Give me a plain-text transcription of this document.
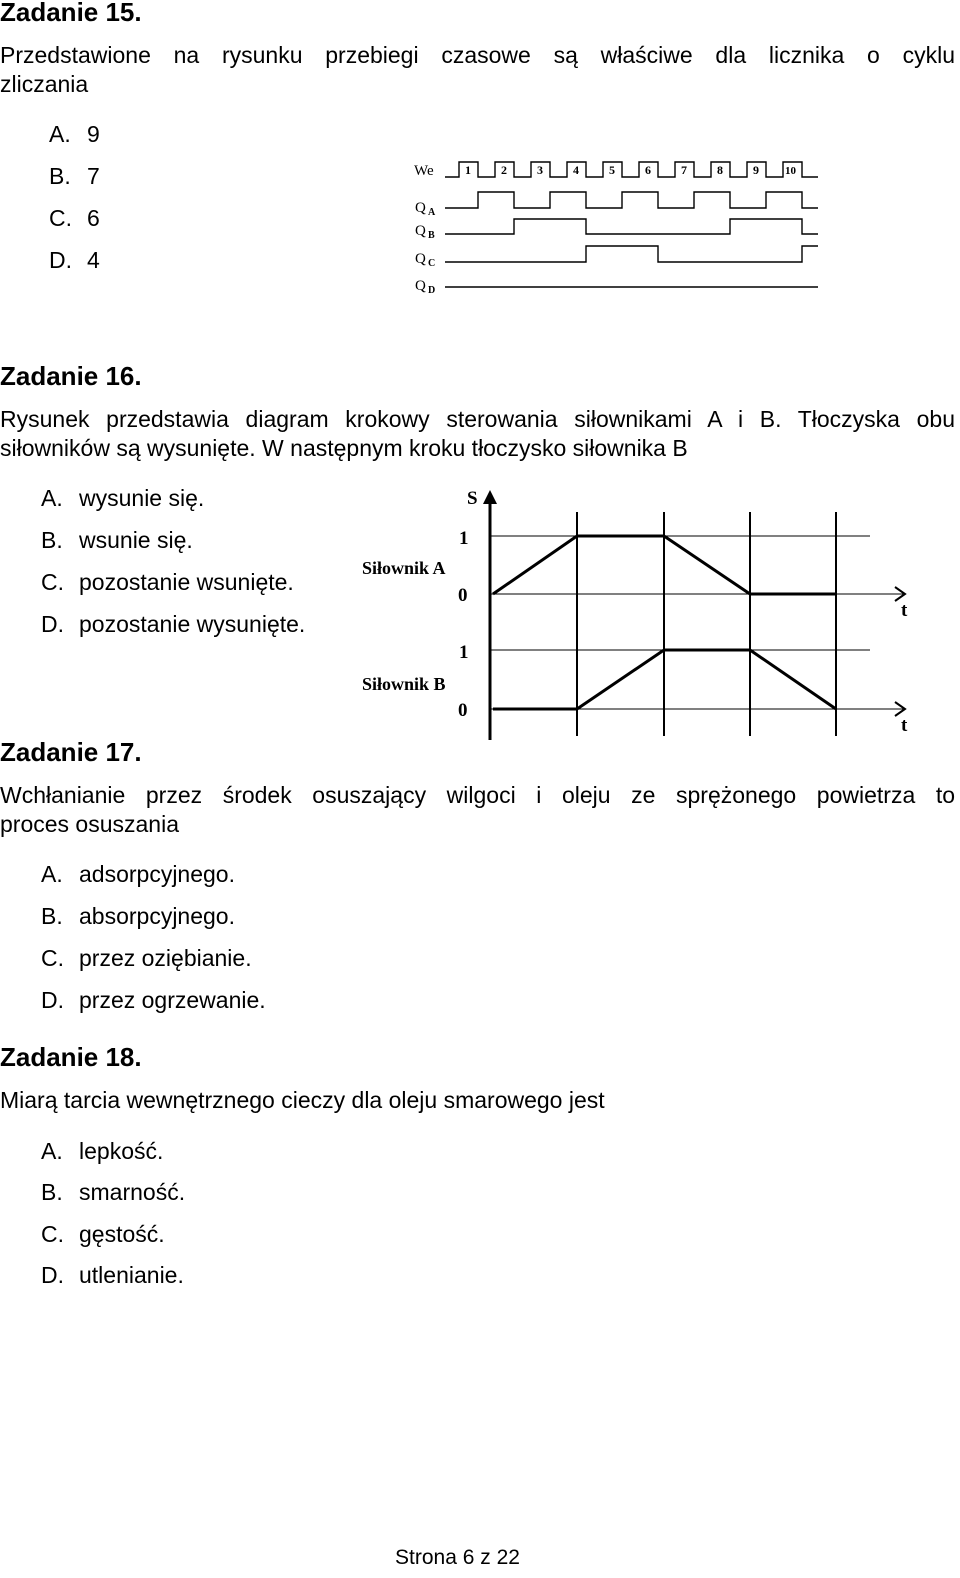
Zadanie 15.
Przedstawione na rysunku przebiegi czasowe są właściwe dla licznika o cyklu
zliczania
A. 9
B. 7
C. 6
D. 4
We
Q A
Q B
Q C
Q D
1	2	3	4	5	6	7	8	9 10
Zadanie 16.
Rysunek przedstawia diagram krokowy sterowania siłownikami A i B. Tłoczyska obu
siłowników są wysunięte. W następnym kroku tłoczysko siłownika B
A. wysunie się.
B. wsunie się.
C. pozostanie wsunięte.
D. pozostanie wysunięte.
S
1
0
1
0
Siłownik A
Siłownik B
t
t
Zadanie 17.
Wchłanianie przez środek osuszający wilgoci i oleju ze sprężonego powietrza to
proces osuszania
A. adsorpcyjnego.
B. absorpcyjnego.
C. przez oziębianie.
D. przez ogrzewanie.
Zadanie 18.
Miarą tarcia wewnętrznego cieczy dla oleju smarowego jest
A. lepkość.
B. smarność.
C. gęstość.
D. utlenianie.
Strona 6 z 22
